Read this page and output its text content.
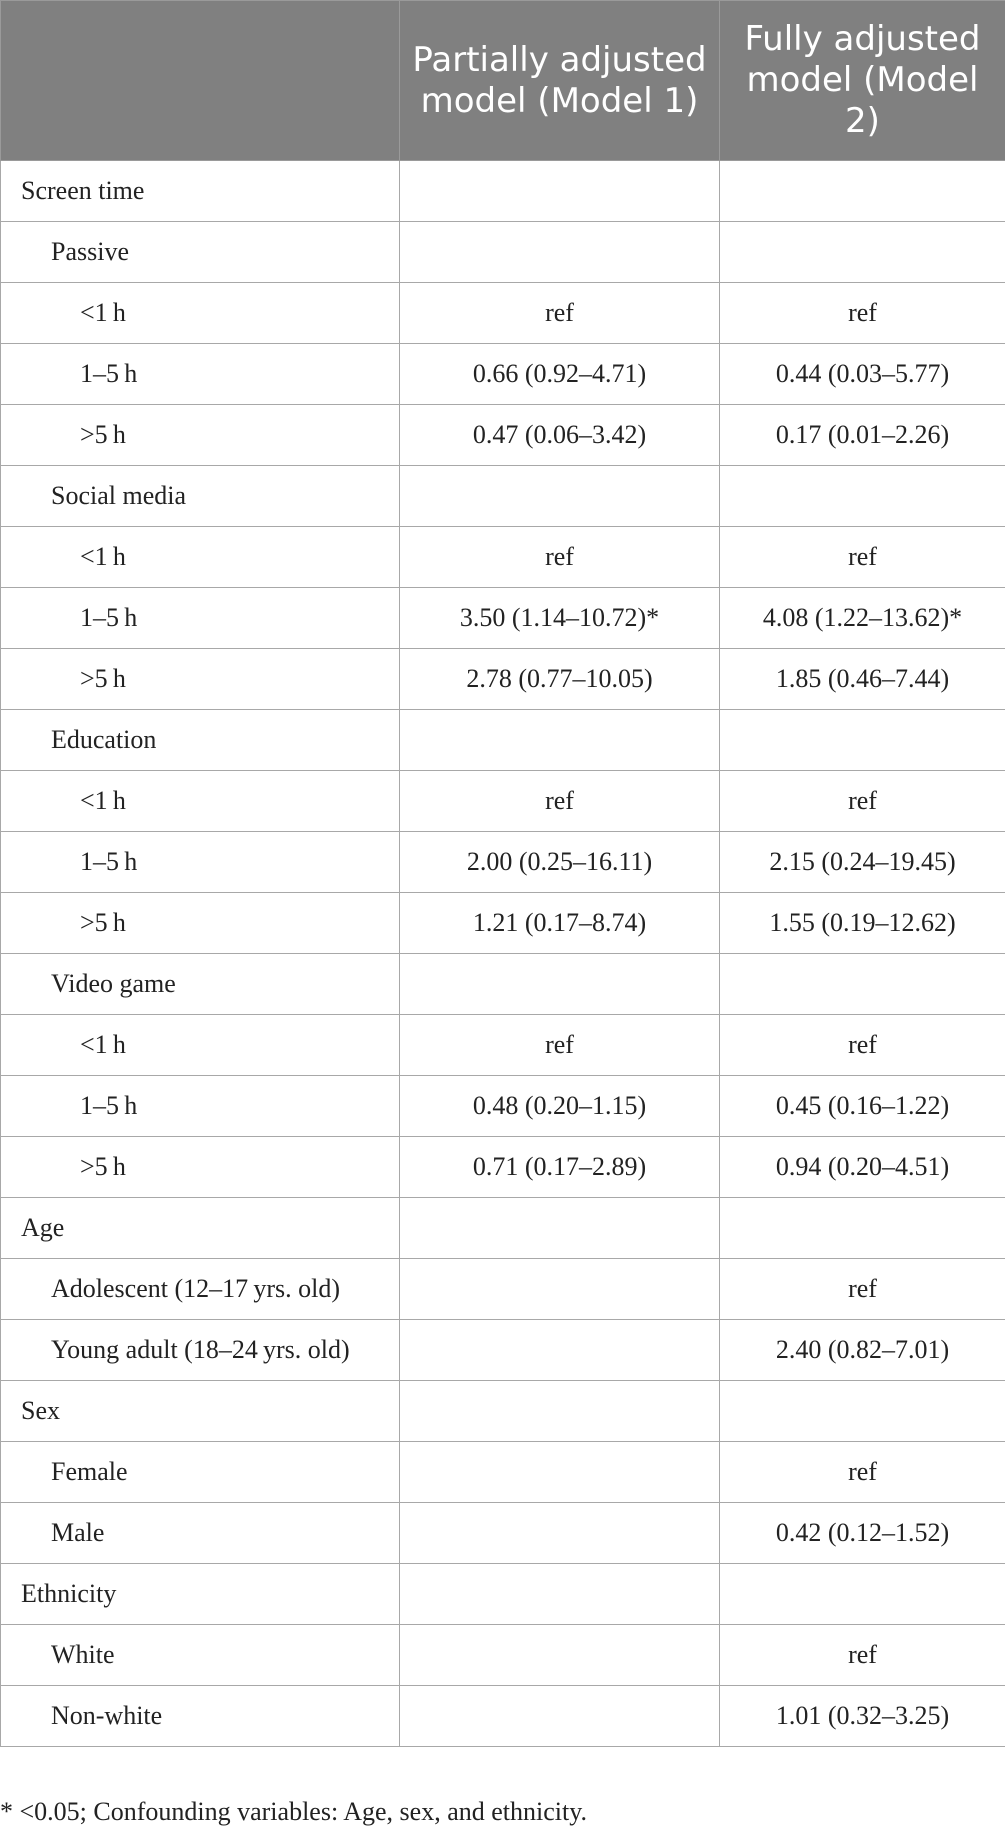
	Partially adjusted model (Model 1)	Fully adjusted model (Model 2)
Screen time		
Passive		
<1 h	ref	ref
1–5 h	0.66 (0.92–4.71)	0.44 (0.03–5.77)
>5 h	0.47 (0.06–3.42)	0.17 (0.01–2.26)
Social media		
<1 h	ref	ref
1–5 h	3.50 (1.14–10.72)*	4.08 (1.22–13.62)*
>5 h	2.78 (0.77–10.05)	1.85 (0.46–7.44)
Education		
<1 h	ref	ref
1–5 h	2.00 (0.25–16.11)	2.15 (0.24–19.45)
>5 h	1.21 (0.17–8.74)	1.55 (0.19–12.62)
Video game		
<1 h	ref	ref
1–5 h	0.48 (0.20–1.15)	0.45 (0.16–1.22)
>5 h	0.71 (0.17–2.89)	0.94 (0.20–4.51)
Age		
Adolescent (12–17 yrs. old)		ref
Young adult (18–24 yrs. old)		2.40 (0.82–7.01)
Sex		
Female		ref
Male		0.42 (0.12–1.52)
Ethnicity		
White		ref
Non-white		1.01 (0.32–3.25)

* <0.05; Confounding variables: Age, sex, and ethnicity.
